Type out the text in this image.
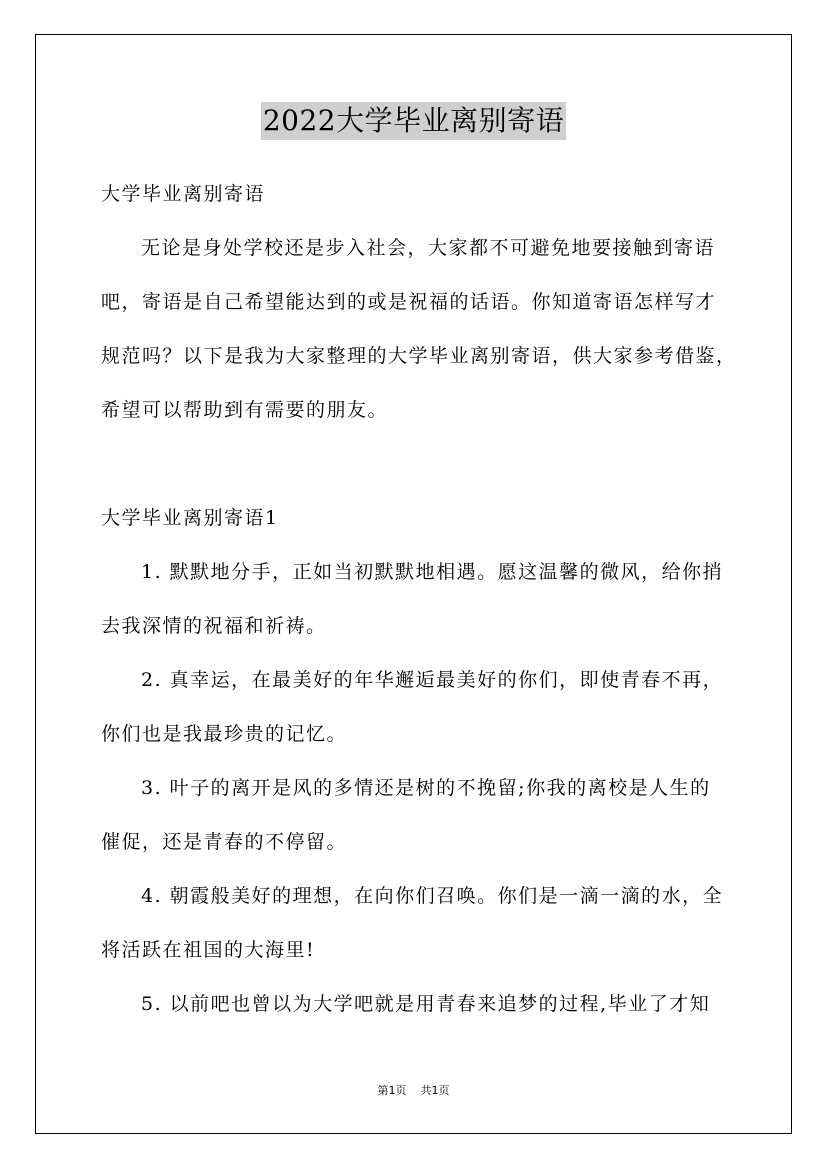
2022大学毕业离别寄语
大学毕业离别寄语
无论是身处学校还是步入社会，大家都不可避免地要接触到寄语
吧，寄语是自己希望能达到的或是祝福的话语。你知道寄语怎样写才
规范吗？以下是我为大家整理的大学毕业离别寄语，供大家参考借鉴，
希望可以帮助到有需要的朋友。
大学毕业离别寄语1
1. 默默地分手，正如当初默默地相遇。愿这温馨的微风，给你捎
去我深情的祝福和祈祷。
2. 真幸运，在最美好的年华邂逅最美好的你们，即使青春不再，
你们也是我最珍贵的记忆。
3. 叶子的离开是风的多情还是树的不挽留;你我的离校是人生的
催促，还是青春的不停留。
4. 朝霞般美好的理想，在向你们召唤。你们是一滴一滴的水，全
将活跃在祖国的大海里!
5. 以前吧也曾以为大学吧就是用青春来追梦的过程,毕业了才知
第1页 共1页
